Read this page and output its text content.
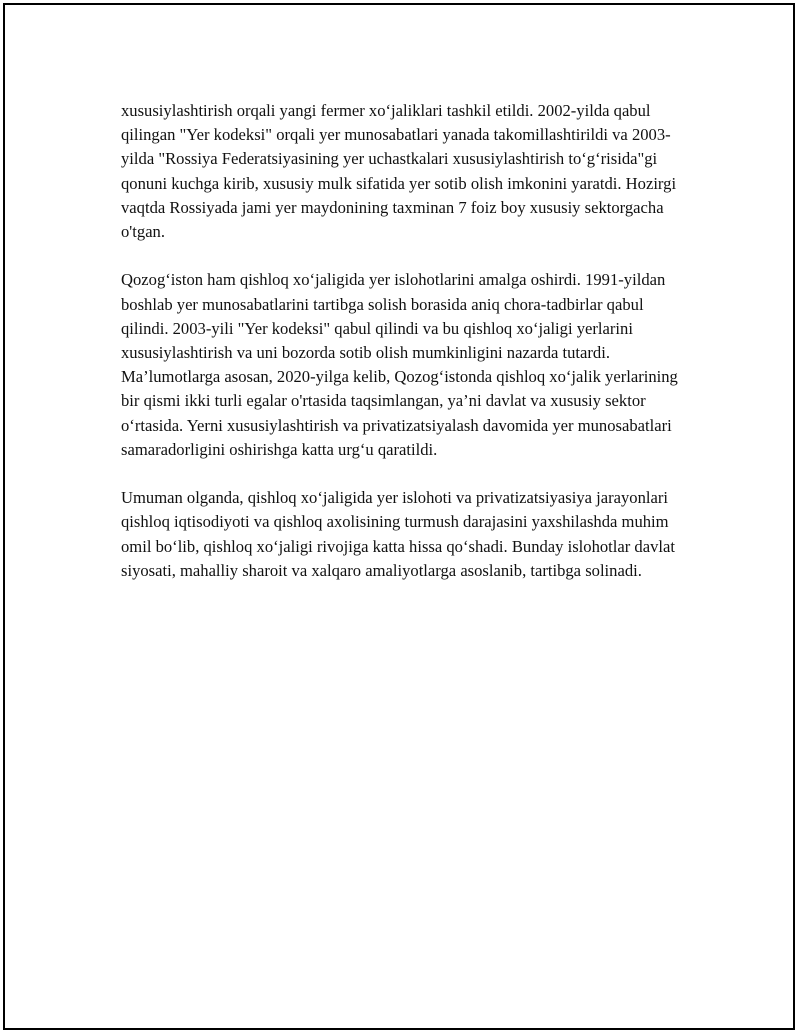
xususiylashtirish orqali yangi fermer xo‘jaliklari tashkil etildi. 2002-yilda qabul qilingan "Yer kodeksi" orqali yer munosabatlari yanada takomillashtirildi va 2003-yilda "Rossiya Federatsiyasining yer uchastkalari xususiylashtirish to‘g‘risida"gi qonuni kuchga kirib, xususiy mulk sifatida yer sotib olish imkonini yaratdi. Hozirgi vaqtda Rossiyada jami yer maydonining taxminan 7 foiz boy xususiy sektorgacha o'tgan.

Qozog‘iston ham qishloq xo‘jaligida yer islohotlarini amalga oshirdi. 1991-yildan boshlab yer munosabatlarini tartibga solish borasida aniq chora-tadbirlar qabul qilindi. 2003-yili "Yer kodeksi" qabul qilindi va bu qishloq xo‘jaligi yerlarini xususiylashtirish va uni bozorda sotib olish mumkinligini nazarda tutardi. Ma’lumotlarga asosan, 2020-yilga kelib, Qozog‘istonda qishloq xo‘jalik yerlarining bir qismi ikki turli egalar o'rtasida taqsimlangan, ya’ni davlat va xususiy sektor o‘rtasida. Yerni xususiylashtirish va privatizatsiyalash davomida yer munosabatlari samaradorligini oshirishga katta urg‘u qaratildi.

Umuman olganda, qishloq xo‘jaligida yer islohoti va privatizatsiyasiya jarayonlari qishloq iqtisodiyoti va qishloq axolisining turmush darajasini yaxshilashda muhim omil bo‘lib, qishloq xo‘jaligi rivojiga katta hissa qo‘shadi. Bunday islohotlar davlat siyosati, mahalliy sharoit va xalqaro amaliyotlarga asoslanib, tartibga solinadi.
